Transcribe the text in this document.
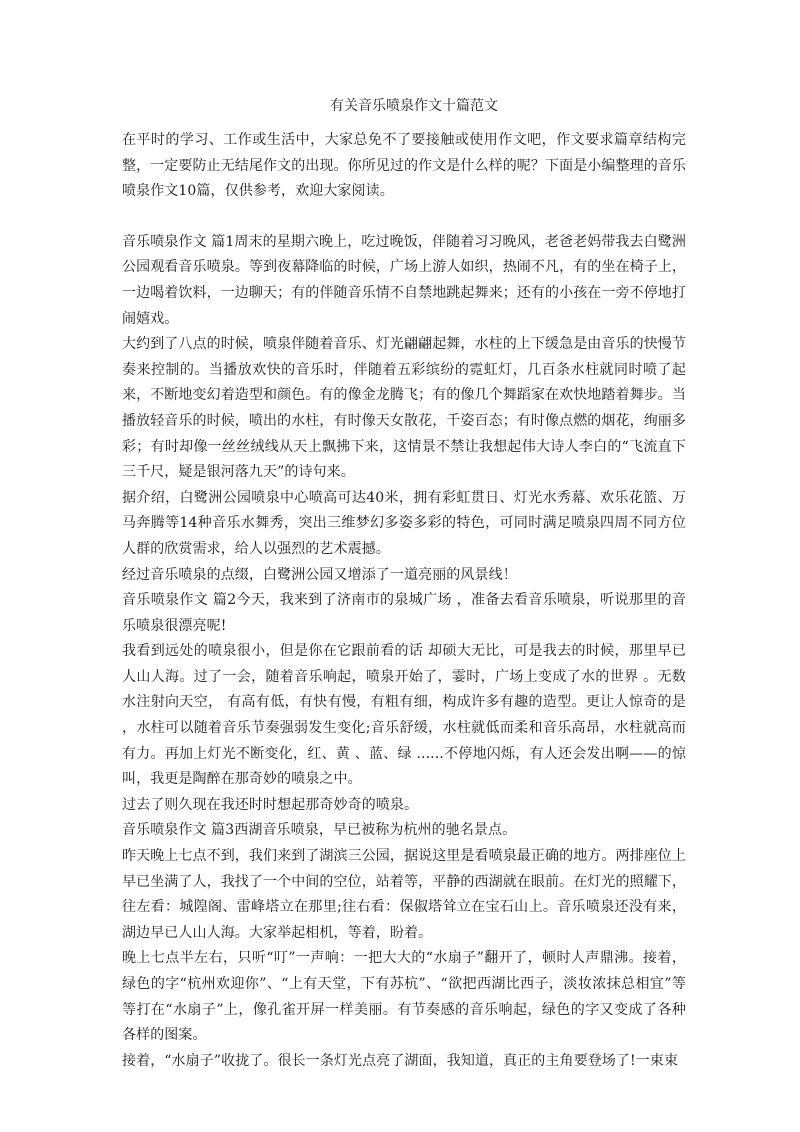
有关音乐喷泉作文十篇范文

在平时的学习、工作或生活中，大家总免不了要接触或使用作文吧，作文要求篇章结构完整，一定要防止无结尾作文的出现。你所见过的作文是什么样的呢？下面是小编整理的音乐喷泉作文10篇，仅供参考，欢迎大家阅读。

音乐喷泉作文 篇1周末的星期六晚上，吃过晚饭，伴随着习习晚风，老爸老妈带我去白鹭洲公园观看音乐喷泉。等到夜幕降临的时候，广场上游人如织，热闹不凡，有的坐在椅子上，一边喝着饮料，一边聊天；有的伴随音乐情不自禁地跳起舞来；还有的小孩在一旁不停地打闹嬉戏。

大约到了八点的时候，喷泉伴随着音乐、灯光翩翩起舞，水柱的上下缓急是由音乐的快慢节奏来控制的。当播放欢快的音乐时，伴随着五彩缤纷的霓虹灯，几百条水柱就同时喷了起来，不断地变幻着造型和颜色。有的像金龙腾飞；有的像几个舞蹈家在欢快地踏着舞步。当播放轻音乐的时候，喷出的水柱，有时像天女散花，千姿百态；有时像点燃的烟花，绚丽多彩；有时却像一丝丝绒线从天上飘拂下来，这情景不禁让我想起伟大诗人李白的“飞流直下三千尺，疑是银河落九天”的诗句来。

据介绍，白鹭洲公园喷泉中心喷高可达40米，拥有彩虹贯日、灯光水秀幕、欢乐花篮、万马奔腾等14种音乐水舞秀，突出三维梦幻多姿多彩的特色，可同时满足喷泉四周不同方位人群的欣赏需求，给人以强烈的艺术震撼。

经过音乐喷泉的点缀，白鹭洲公园又增添了一道亮丽的风景线！

音乐喷泉作文 篇2今天，我来到了济南市的泉城广场 ，准备去看音乐喷泉，听说那里的音乐喷泉很漂亮呢!

我看到远处的喷泉很小，但是你在它跟前看的话 却硕大无比，可是我去的时候，那里早已人山人海。过了一会，随着音乐响起，喷泉开始了，霎时，广场上变成了水的世界 。无数水注射向天空， 有高有低，有快有慢，有粗有细，构成许多有趣的造型。更让人惊奇的是 ，水柱可以随着音乐节奏强弱发生变化;音乐舒缓，水柱就低而柔和音乐高昂，水柱就高而有力。再加上灯光不断变化，红、黄 、蓝、绿 ......不停地闪烁，有人还会发出啊——的惊叫，我更是陶醉在那奇妙的喷泉之中。

过去了则久现在我还时时想起那奇妙奇的喷泉。

音乐喷泉作文 篇3西湖音乐喷泉，早已被称为杭州的驰名景点。

昨天晚上七点不到，我们来到了湖滨三公园，据说这里是看喷泉最正确的地方。两排座位上早已坐满了人，我找了一个中间的空位，站着等，平静的西湖就在眼前。在灯光的照耀下，往左看：城隍阁、雷峰塔立在那里;往右看：保俶塔耸立在宝石山上。音乐喷泉还没有来，湖边早已人山人海。大家举起相机，等着，盼着。

晚上七点半左右，只听“叮”一声响：一把大大的“水扇子”翻开了，顿时人声鼎沸。接着，绿色的字“杭州欢迎你”、“上有天堂，下有苏杭”、“欲把西湖比西子，淡妆浓抹总相宜”等等打在“水扇子”上，像孔雀开屏一样美丽。有节奏感的音乐响起，绿色的字又变成了各种各样的图案。

接着，“水扇子”收拢了。很长一条灯光点亮了湖面，我知道，真正的主角要登场了!一束束
